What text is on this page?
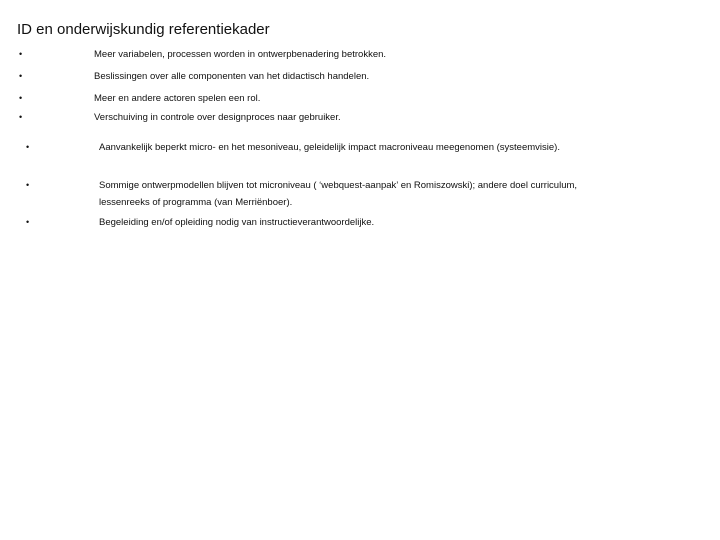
ID en onderwijskundig referentiekader
•	Meer variabelen, processen worden in ontwerpbenadering betrokken.
•	Beslissingen over alle componenten van het didactisch handelen.
•	Meer en andere actoren spelen een rol.
•	Verschuiving in controle over designproces naar gebruiker.
•	Aanvankelijk beperkt micro- en het mesoniveau, geleidelijk impact macroniveau meegenomen (systeemvisie).
•	Sommige ontwerpmodellen blijven tot microniveau ( ‘webquest-aanpak’ en Romiszowski); andere doel curriculum, lessenreeks of programma (van Merriënboer).
•	Begeleiding en/of opleiding nodig van instructieverantwoordelijke.
